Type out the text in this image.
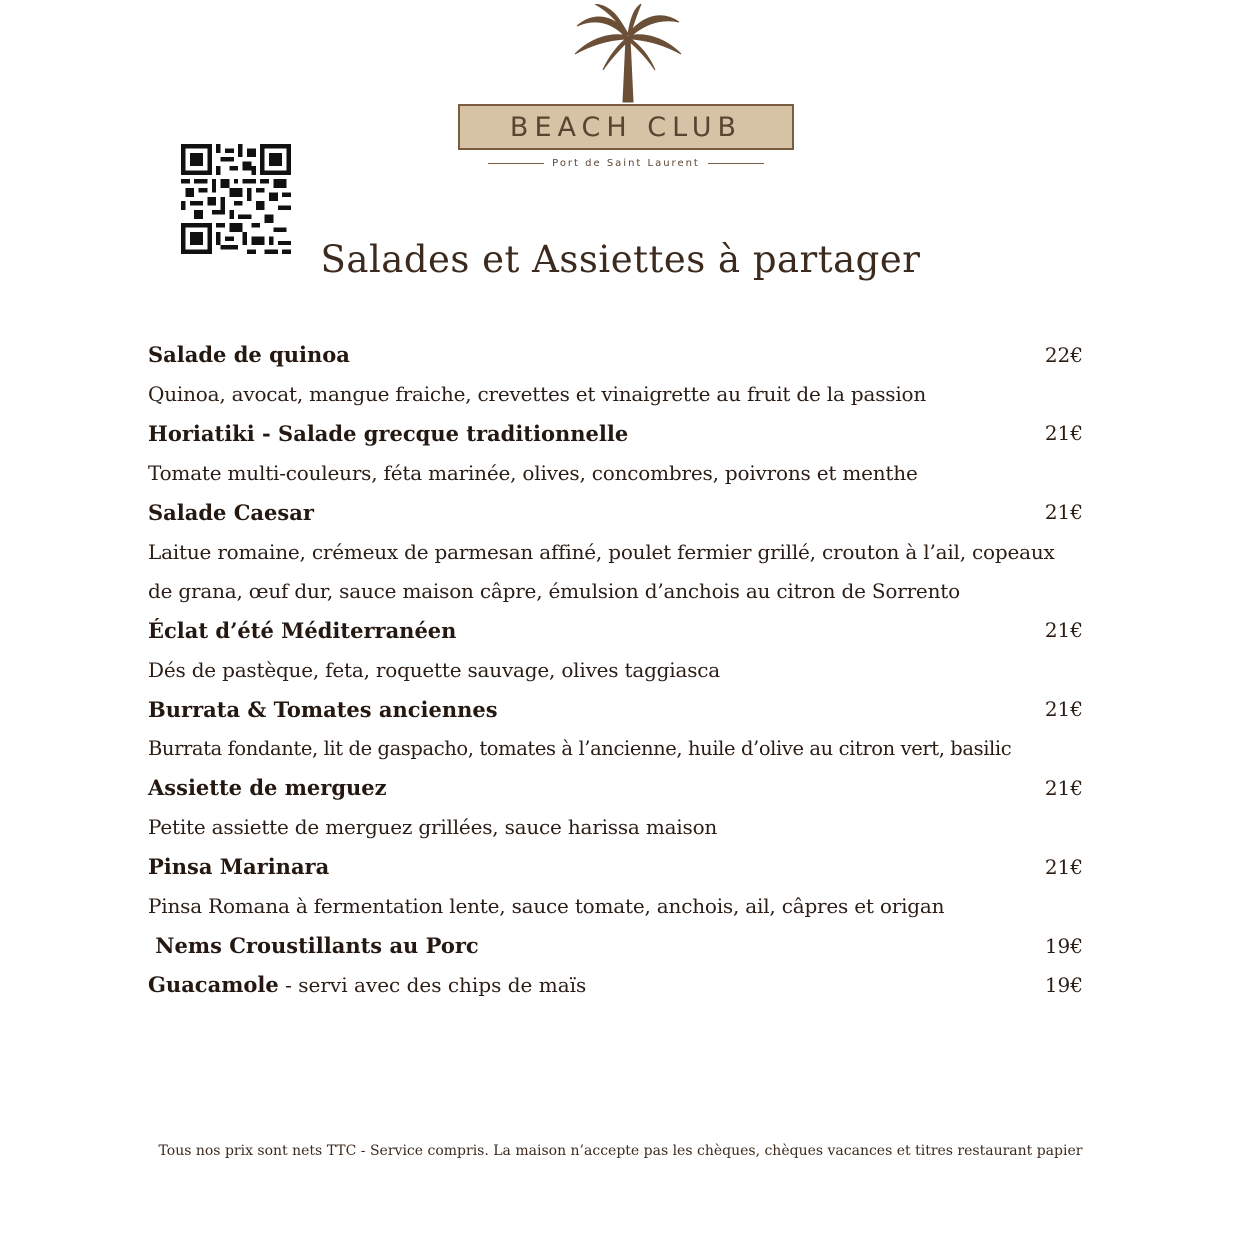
BEACH CLUB
Port de Saint Laurent
Salades et Assiettes à partager
Salade de quinoa	22€
Quinoa, avocat, mangue fraiche, crevettes et vinaigrette au fruit de la passion
Horiatiki - Salade grecque traditionnelle	21€
Tomate multi-couleurs, féta marinée, olives, concombres, poivrons et menthe
Salade Caesar	21€
Laitue romaine, crémeux de parmesan affiné, poulet fermier grillé, crouton à l’ail, copeaux
de grana, œuf dur, sauce maison câpre, émulsion d’anchois au citron de Sorrento
Éclat d’été Méditerranéen	21€
Dés de pastèque, feta, roquette sauvage, olives taggiasca
Burrata & Tomates anciennes	21€
Burrata fondante, lit de gaspacho, tomates à l’ancienne, huile d’olive au citron vert, basilic
Assiette de merguez	21€
Petite assiette de merguez grillées, sauce harissa maison
Pinsa Marinara	21€
Pinsa Romana à fermentation lente, sauce tomate, anchois, ail, câpres et origan
Nems Croustillants au Porc	19€
Guacamole - servi avec des chips de maïs	19€
Tous nos prix sont nets TTC - Service compris. La maison n’accepte pas les chèques, chèques vacances et titres restaurant papier
